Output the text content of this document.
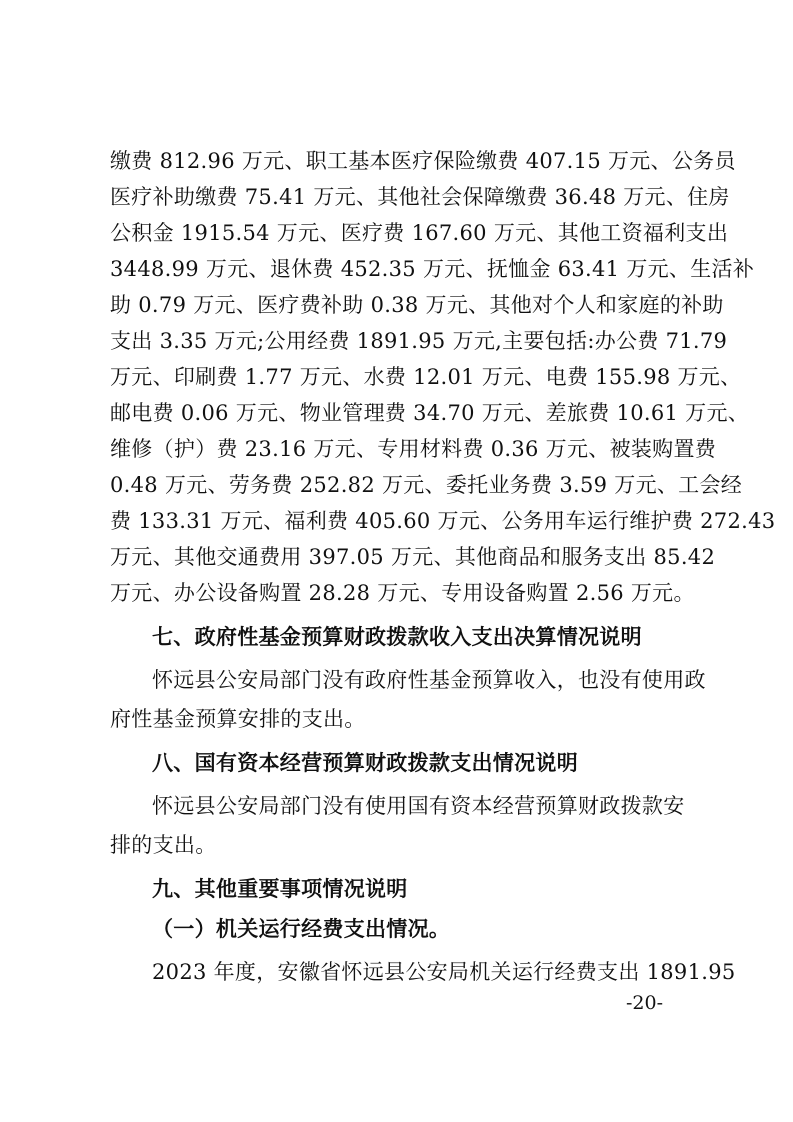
缴费 812.96 万元、职工基本医疗保险缴费 407.15 万元、公务员
医疗补助缴费 75.41 万元、其他社会保障缴费 36.48 万元、住房
公积金 1915.54 万元、医疗费 167.60 万元、其他工资福利支出
3448.99 万元、退休费 452.35 万元、抚恤金 63.41 万元、生活补
助 0.79 万元、医疗费补助 0.38 万元、其他对个人和家庭的补助
支出 3.35 万元;公用经费 1891.95 万元,主要包括:办公费 71.79
万元、印刷费 1.77 万元、水费 12.01 万元、电费 155.98 万元、
邮电费 0.06 万元、物业管理费 34.70 万元、差旅费 10.61 万元、
维修（护）费 23.16 万元、专用材料费 0.36 万元、被装购置费
0.48 万元、劳务费 252.82 万元、委托业务费 3.59 万元、工会经
费 133.31 万元、福利费 405.60 万元、公务用车运行维护费 272.43
万元、其他交通费用 397.05 万元、其他商品和服务支出 85.42
万元、办公设备购置 28.28 万元、专用设备购置 2.56 万元。
七、政府性基金预算财政拨款收入支出决算情况说明
怀远县公安局部门没有政府性基金预算收入，也没有使用政
府性基金预算安排的支出。
八、国有资本经营预算财政拨款支出情况说明
怀远县公安局部门没有使用国有资本经营预算财政拨款安
排的支出。
九、其他重要事项情况说明
（一）机关运行经费支出情况。
2023 年度，安徽省怀远县公安局机关运行经费支出 1891.95
-20-
